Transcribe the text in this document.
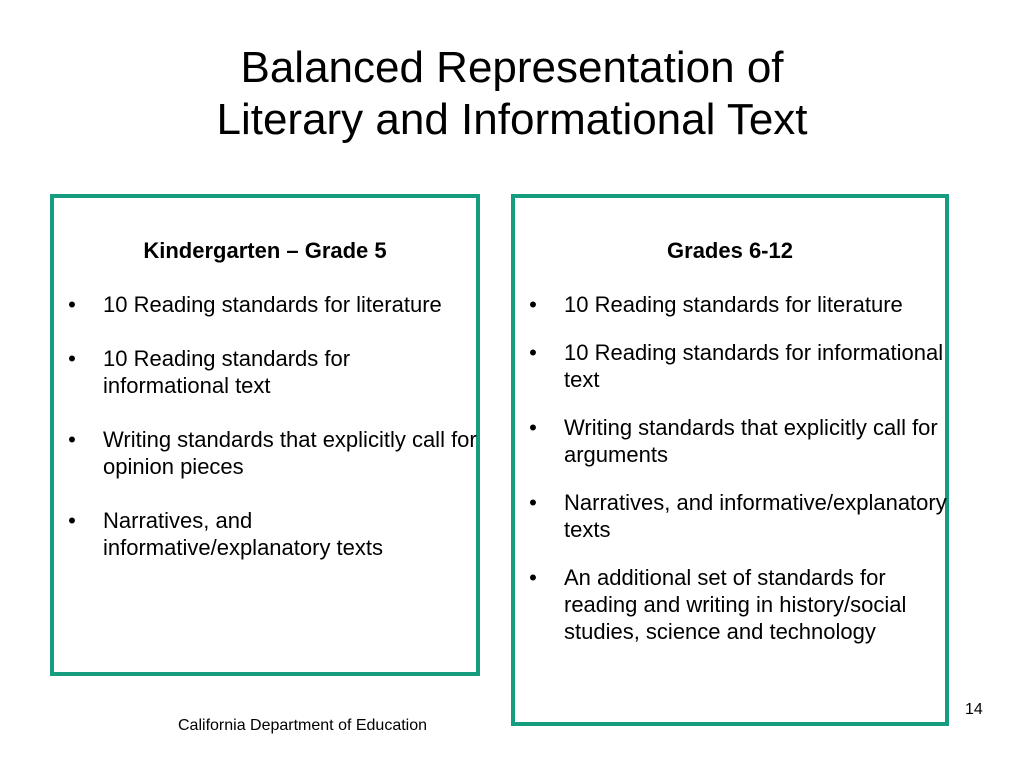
Balanced Representation of
Literary and Informational Text
Kindergarten – Grade 5
• 10 Reading standards for literature
• 10 Reading standards for informational text
• Writing standards that explicitly call for opinion pieces
• Narratives, and informative/explanatory texts
Grades 6-12
• 10 Reading standards for literature
• 10 Reading standards for informational text
• Writing standards that explicitly call for arguments
• Narratives, and informative/explanatory texts
• An additional set of standards for reading and writing in history/social studies, science and technology
California Department of Education
14
